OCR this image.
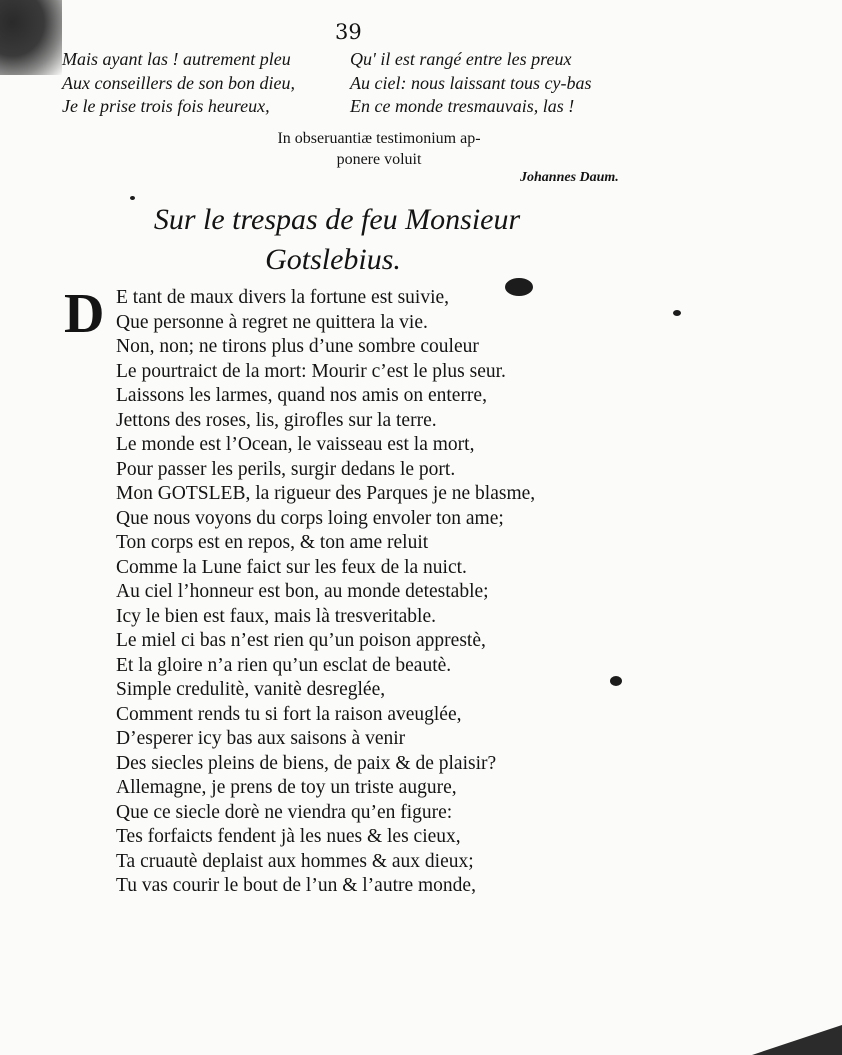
39
Mais ayant las ! autrement pleu
Aux conseillers de son bon dieu,
Je le prise trois fois heureux,
Qu' il est rangé entre les preux
Au ciel: nous laissant tous cy-bas
En ce monde tresmauvais, las !
In obseruantiæ testimonium ap-
ponere voluit
Johannes Daum.
Sur le trespas de feu Monsieur
Gotslebius.
D E tant de maux divers la fortune est suivie,
Que personne à regret ne quittera la vie.
Non, non; ne tirons plus d’une sombre couleur
Le pourtraict de la mort: Mourir c’est le plus seur.
Laissons les larmes, quand nos amis on enterre,
Jettons des roses, lis, girofles sur la terre.
Le monde est l’Ocean, le vaisseau est la mort,
Pour passer les perils, surgir dedans le port.
Mon GOTSLEB, la riguеur des Parques je ne blasme,
Que nous voyons du corps loing envoler ton ame;
Ton corps est en repos, & ton ame reluit
Comme la Lune faict sur les feux de la nuict.
Au ciel l’honneur est bon, au monde detestable;
Icy le bien est faux, mais là tresveritable.
Le miel ci bas n’est rien qu’un poison apprestè,
Et la gloire n’a rien qu’un esclat de beautè.
Simple credulitè, vanitè desreglée,
Comment rends tu si fort la raison aveuglée,
D’esperer icy bas aux saisons à venir
Des siecles pleins de biens, de paix & de plaisir?
Allemagne, je prens de toy un triste augure,
Que ce siecle dorè ne viendra qu’en figure:
Tes forfaicts fendent jà les nues & les cieux,
Ta cruautè deplaist aux hommes & aux dieux;
Tu vas courir le bout de l’un & l’autre monde,
